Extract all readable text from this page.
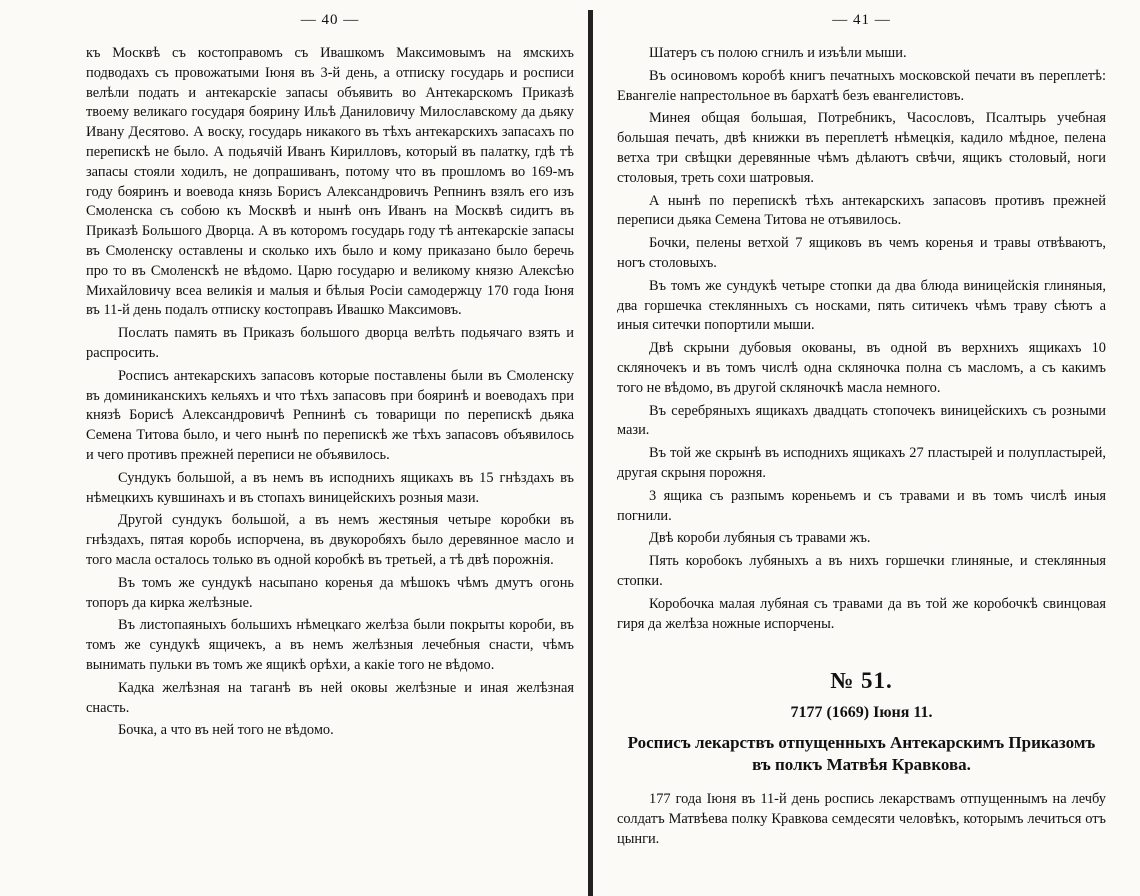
— 40 —

къ Москвѣ съ костоправомъ съ Ивашкомъ Максимовымъ на ямскихъ подводахъ съ провожатыми Іюня въ 3-й день, а отписку государь и росписи велѣли подать и антекарскіе запасы объявить во Антекарскомъ Приказѣ твоему великаго государя боярину Ильѣ Даниловичу Милославскому да дьяку Ивану Десятово. А воску, государь никакого въ тѣхъ антекарскихъ запасахъ по перепискѣ не было. А подьячій Иванъ Кирилловъ, который въ палатку, гдѣ тѣ запасы стояли ходилъ, не допрашиванъ, потому что въ прошломъ во 169-мъ году бояринъ и воевода князь Борисъ Александровичъ Репнинъ взялъ его изъ Смоленска съ собою къ Москвѣ и нынѣ онъ Иванъ на Москвѣ сидитъ въ Приказѣ Большого Дворца. А въ которомъ государь году тѣ антекарскіе запасы въ Смоленску оставлены и сколько ихъ было и кому приказано было беречь про то въ Смоленскѣ не вѣдомо. Царю государю и великому князю Алексѣю Михайловичу всеа великія и малыя и бѣлыя Росіи самодержцу 170 года Іюня въ 11-й день подалъ отписку костоправъ Ивашко Максимовъ.

Послать память въ Приказъ большого дворца велѣть подьячаго взять и распросить.

Росписъ антекарскихъ запасовъ которые поставлены были въ Смоленску въ доминиканскихъ кельяхъ и что тѣхъ запасовъ при бояринѣ и воеводахъ при князѣ Борисѣ Александровичѣ Репнинѣ съ товарищи по перепискѣ дьяка Семена Титова было, и чего нынѣ по перепискѣ же тѣхъ запасовъ объявилось и чего противъ прежней переписи не объявилось.

Сундукъ большой, а въ немъ въ исподнихъ ящикахъ въ 15 гнѣздахъ въ нѣмецкихъ кувшинахъ и въ стопахъ виницейскихъ розныя мази.

Другой сундукъ большой, а въ немъ жестяныя четыре коробки въ гнѣздахъ, пятая коробь испорчена, въ двукоробяхъ было деревянное масло и того масла осталось только въ одной коробкѣ въ третьей, а тѣ двѣ порожнія.

Въ томъ же сундукѣ насыпано коренья да мѣшокъ чѣмъ дмутъ огонь топоръ да кирка желѣзные.

Въ листопаяныхъ большихъ нѣмецкаго желѣза были покрыты короби, въ томъ же сундукѣ ящичекъ, а въ немъ желѣзныя лечебныя снасти, чѣмъ вынимать пульки въ томъ же ящикѣ орѣхи, а какіе того не вѣдомо.

Кадка желѣзная на таганѣ въ ней оковы желѣзные и иная желѣзная снасть.

Бочка, а что въ ней того не вѣдомо.

— 41 —

Шатеръ съ полою сгнилъ и изъѣли мыши.

Въ осиновомъ коробѣ книгъ печатныхъ московской печати въ переплетѣ: Евангеліе напрестольное въ бархатѣ безъ евангелистовъ.

Минея общая большая, Потребникъ, Часословъ, Псалтырь учебная большая печать, двѣ книжки въ переплетѣ нѣмецкія, кадило мѣдное, пелена ветха три свѣщки деревянные чѣмъ дѣлаютъ свѣчи, ящикъ столовый, ноги столовыя, треть сохи шатровыя.

А нынѣ по перепискѣ тѣхъ антекарскихъ запасовъ противъ прежней переписи дьяка Семена Титова не отъявилось.

Бочки, пелены ветхой 7 ящиковъ въ чемъ коренья и травы отвѣваютъ, ногъ столовыхъ.

Въ томъ же сундукѣ четыре стопки да два блюда виницейскія глиняныя, два горшечка стеклянныхъ съ носками, пять ситичекъ чѣмъ траву сѣютъ а иныя ситечки попортили мыши.

Двѣ скрыни дубовыя окованы, въ одной въ верхнихъ ящикахъ 10 скляночекъ и въ томъ числѣ одна скляночка полна съ масломъ, а съ какимъ того не вѣдомо, въ другой скляночкѣ масла немного.

Въ серебряныхъ ящикахъ двадцать стопочекъ виницейскихъ съ розными мази.

Въ той же скрынѣ въ исподнихъ ящикахъ 27 пластырей и полупластырей, другая скрыня порожня.

3 ящика съ разпымъ кореньемъ и съ травами и въ томъ числѣ иныя погнили.

Двѣ короби лубяныя съ травами жъ.

Пять коробокъ лубяныхъ а въ нихъ горшечки глиняные, и стеклянныя стопки.

Коробочка малая лубяная съ травами да въ той же коробочкѣ свинцовая гиря да желѣза ножные испорчены.

№ 51.
7177 (1669) Іюня 11.
Росписъ лекарствъ отпущенныхъ Антекарскимъ Приказомъ въ полкъ Матвѣя Кравкова.

177 года Іюня въ 11-й день роспись лекарствамъ отпущеннымъ на лечбу солдатъ Матвѣева полку Кравкова семдесяти человѣкъ, которымъ лечиться отъ цынги.
